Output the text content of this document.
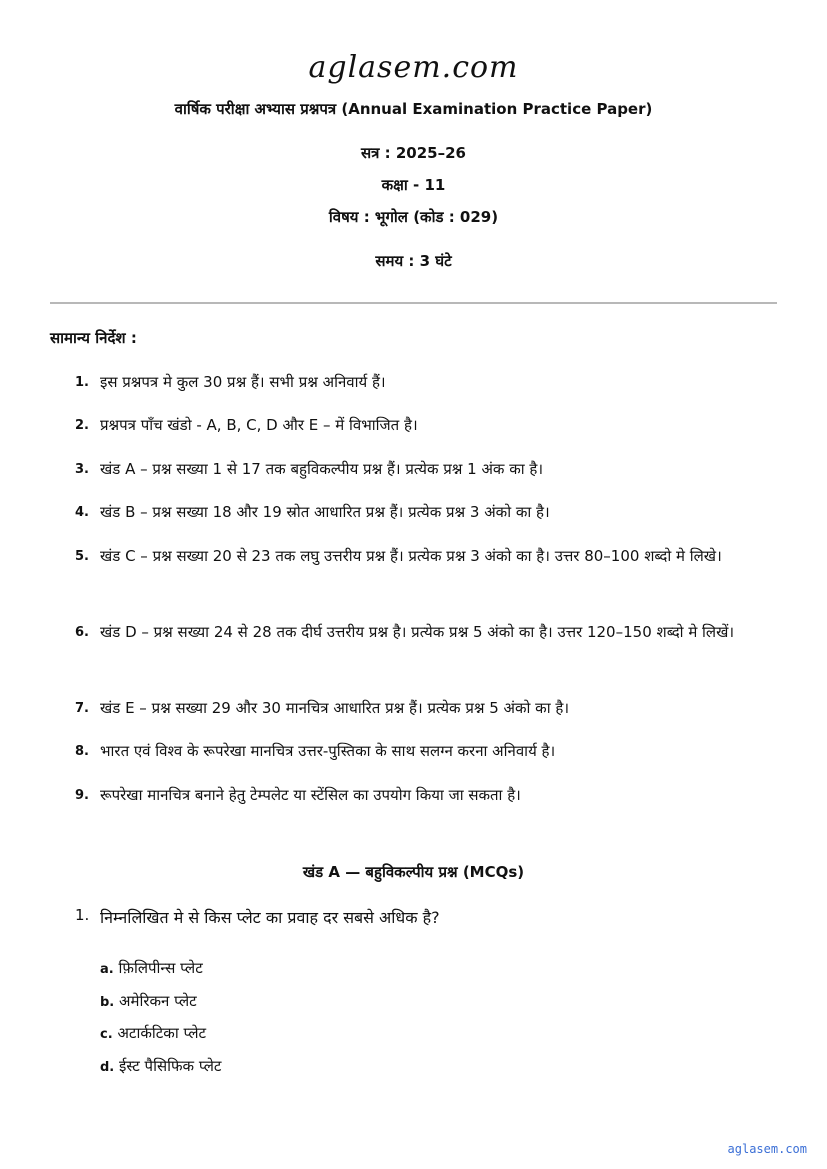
aglasem.com
वार्षिक परीक्षा अभ्यास प्रश्नपत्र (Annual Examination Practice Paper)
सत्र : 2025–26
कक्षा - 11
विषय : भूगोल (कोड : 029)
समय : 3 घंटे
सामान्य निर्देश :
1. इस प्रश्नपत्र मे कुल 30 प्रश्न हैं। सभी प्रश्न अनिवार्य हैं।
2. प्रश्नपत्र पाँच खंडो - A, B, C, D और E – में विभाजित है।
3. खंड A – प्रश्न सख्या 1 से 17 तक बहुविकल्पीय प्रश्न हैं। प्रत्येक प्रश्न 1 अंक का है।
4. खंड B – प्रश्न सख्या 18 और 19 स्रोत आधारित प्रश्न हैं। प्रत्येक प्रश्न 3 अंको का है।
5. खंड C – प्रश्न सख्या 20 से 23 तक लघु उत्तरीय प्रश्न हैं। प्रत्येक प्रश्न 3 अंको का है। उत्तर 80–100 शब्दो मे लिखे।
6. खंड D – प्रश्न सख्या 24 से 28 तक दीर्घ उत्तरीय प्रश्न है। प्रत्येक प्रश्न 5 अंको का है। उत्तर 120–150 शब्दो मे लिखें।
7. खंड E – प्रश्न सख्या 29 और 30 मानचित्र आधारित प्रश्न हैं। प्रत्येक प्रश्न 5 अंको का है।
8. भारत एवं विश्व के रूपरेखा मानचित्र उत्तर-पुस्तिका के साथ सलग्न करना अनिवार्य है।
9. रूपरेखा मानचित्र बनाने हेतु टेम्पलेट या स्टेंसिल का उपयोग किया जा सकता है।
खंड A — बहुविकल्पीय प्रश्न (MCQs)
1. निम्नलिखित मे से किस प्लेट का प्रवाह दर सबसे अधिक है?
a. फ़िलिपीन्स प्लेट
b. अमेरिकन प्लेट
c. अटार्कटिका प्लेट
d. ईस्ट पैसिफिक प्लेट
aglasem.com
